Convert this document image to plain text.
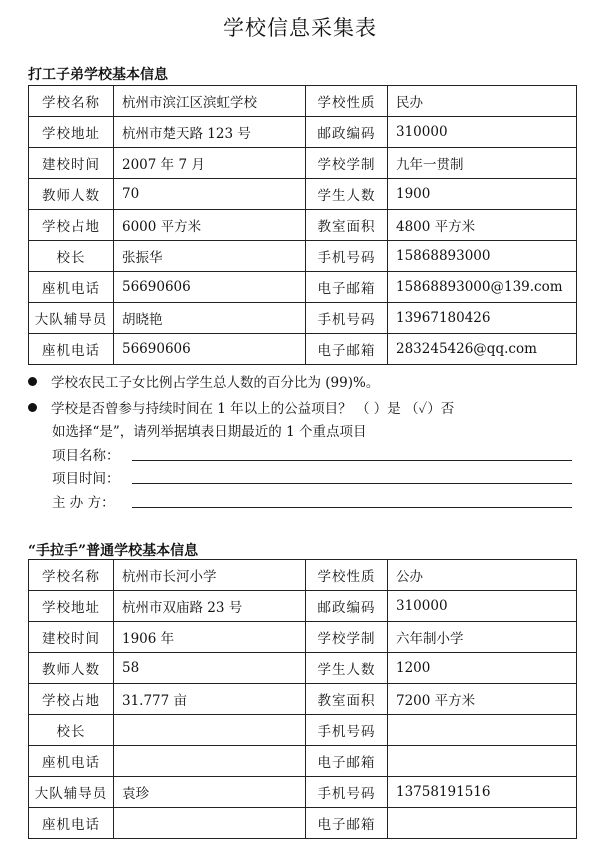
学校信息采集表
打工子弟学校基本信息
学校名称	杭州市滨江区滨虹学校	学校性质	民办
学校地址	杭州市楚天路 123 号	邮政编码	310000
建校时间	2007 年 7 月	学校学制	九年一贯制
教师人数	70	学生人数	1900
学校占地	6000 平方米	教室面积	4800 平方米
校长	张振华	手机号码	15868893000
座机电话	56690606	电子邮箱	15868893000@139.com
大队辅导员	胡晓艳	手机号码	13967180426
座机电话	56690606	电子邮箱	283245426@qq.com
学校农民工子女比例占学生总人数的百分比为 (99)%。
学校是否曾参与持续时间在 1 年以上的公益项目？ （ ）是 （✓）否
如选择“是”，请列举据填表日期最近的 1 个重点项目
项目名称：
项目时间：
主 办 方：
“手拉手”普通学校基本信息
学校名称	杭州市长河小学	学校性质	公办
学校地址	杭州市双庙路 23 号	邮政编码	310000
建校时间	1906 年	学校学制	六年制小学
教师人数	58	学生人数	1200
学校占地	31.777 亩	教室面积	7200 平方米
校长		手机号码	
座机电话		电子邮箱	
大队辅导员	袁珍	手机号码	13758191516
座机电话		电子邮箱	
